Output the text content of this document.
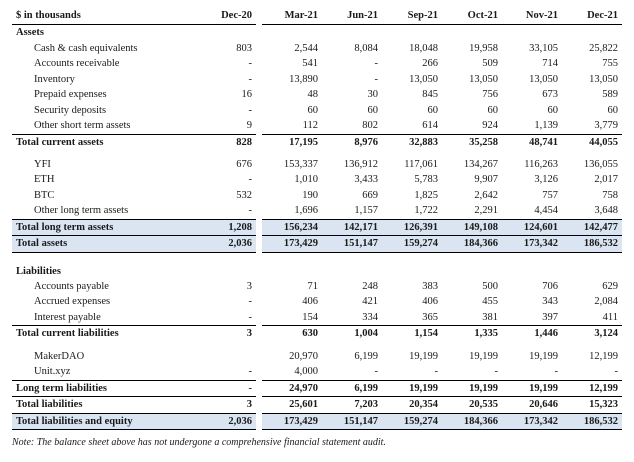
$ in thousands	Dec-20		Mar-21	Jun-21	Sep-21	Oct-21	Nov-21	Dec-21
Assets								
Cash & cash equivalents	803		2,544	8,084	18,048	19,958	33,105	25,822
Accounts receivable	-		541	-	266	509	714	755
Inventory	-		13,890	-	13,050	13,050	13,050	13,050
Prepaid expenses	16		48	30	845	756	673	589
Security deposits	-		60	60	60	60	60	60
Other short term assets	9		112	802	614	924	1,139	3,779
Total current assets	828		17,195	8,976	32,883	35,258	48,741	44,055

YFI	676		153,337	136,912	117,061	134,267	116,263	136,055
ETH	-		1,010	3,433	5,783	9,907	3,126	2,017
BTC	532		190	669	1,825	2,642	757	758
Other long term assets	-		1,696	1,157	1,722	2,291	4,454	3,648
Total long term assets	1,208		156,234	142,171	126,391	149,108	124,601	142,477
Total assets	2,036		173,429	151,147	159,274	184,366	173,342	186,532

Liabilities								
Accounts payable	3		71	248	383	500	706	629
Accrued expenses	-		406	421	406	455	343	2,084
Interest payable	-		154	334	365	381	397	411
Total current liabilities	3		630	1,004	1,154	1,335	1,446	3,124

MakerDAO			20,970	6,199	19,199	19,199	19,199	12,199
Unit.xyz	-		4,000	-	-	-	-	-
Long term liabilities	-		24,970	6,199	19,199	19,199	19,199	12,199
Total liabilities	3		25,601	7,203	20,354	20,535	20,646	15,323
Total liabilities and equity	2,036		173,429	151,147	159,274	184,366	173,342	186,532
Note: The balance sheet above has not undergone a comprehensive financial statement audit.
